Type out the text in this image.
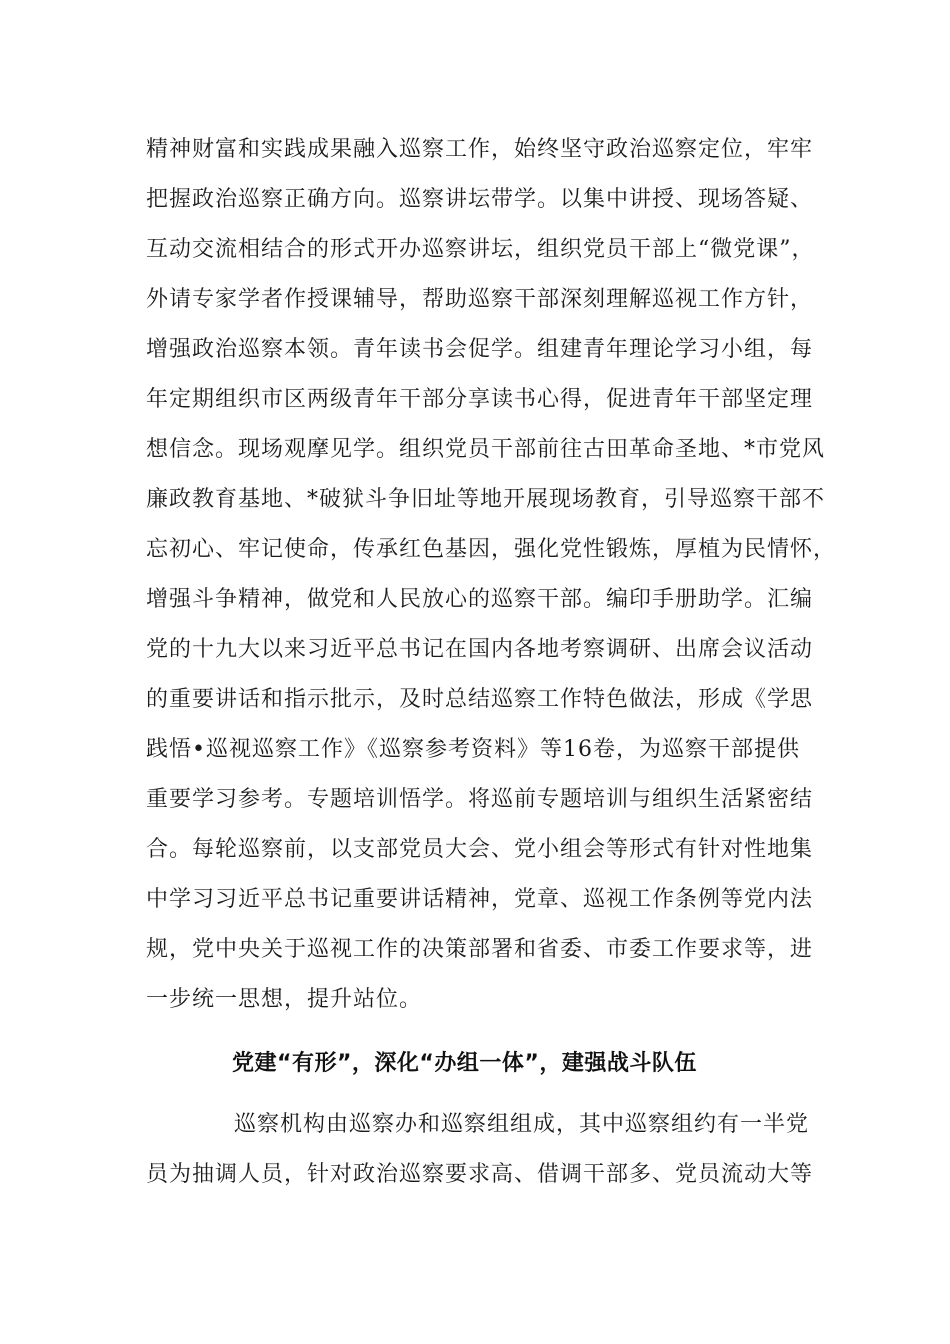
精神财富和实践成果融入巡察工作，始终坚守政治巡察定位，牢牢
把握政治巡察正确方向。巡察讲坛带学。以集中讲授、现场答疑、
互动交流相结合的形式开办巡察讲坛，组织党员干部上“微党课”，
外请专家学者作授课辅导，帮助巡察干部深刻理解巡视工作方针，
增强政治巡察本领。青年读书会促学。组建青年理论学习小组，每
年定期组织市区两级青年干部分享读书心得，促进青年干部坚定理
想信念。现场观摩见学。组织党员干部前往古田革命圣地、*市党风
廉政教育基地、*破狱斗争旧址等地开展现场教育，引导巡察干部不
忘初心、牢记使命，传承红色基因，强化党性锻炼，厚植为民情怀，
增强斗争精神，做党和人民放心的巡察干部。编印手册助学。汇编
党的十九大以来习近平总书记在国内各地考察调研、出席会议活动
的重要讲话和指示批示，及时总结巡察工作特色做法，形成《学思
践悟•巡视巡察工作》《巡察参考资料》等16卷，为巡察干部提供
重要学习参考。专题培训悟学。将巡前专题培训与组织生活紧密结
合。每轮巡察前，以支部党员大会、党小组会等形式有针对性地集
中学习习近平总书记重要讲话精神，党章、巡视工作条例等党内法
规，党中央关于巡视工作的决策部署和省委、市委工作要求等，进
一步统一思想，提升站位。
党建“有形”，深化“办组一体”，建强战斗队伍
巡察机构由巡察办和巡察组组成，其中巡察组约有一半党
员为抽调人员，针对政治巡察要求高、借调干部多、党员流动大等
